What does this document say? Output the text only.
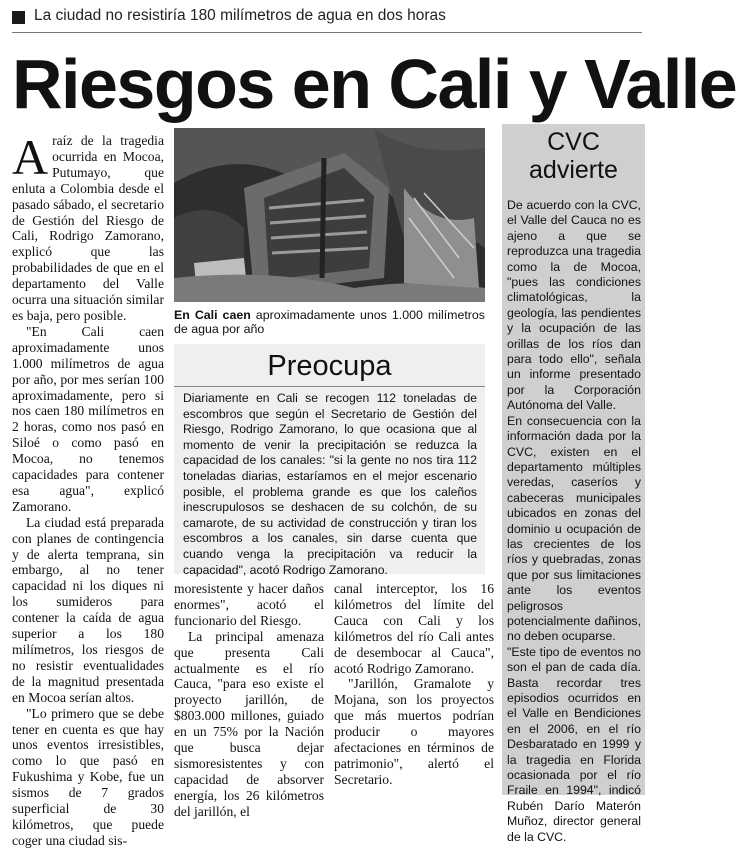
La ciudad no resistiría 180 milímetros de agua en dos horas
Riesgos en Cali y Valle

Araíz de la tragedia ocurrida en Mocoa, Putumayo, que enluta a Colombia desde el pasado sábado, el secretario de Gestión del Riesgo de Cali, Rodrigo Zamorano, explicó que las probabilidades de que en el departamento del Valle ocurra una situación similar es baja, pero posible.

"En Cali caen aproximadamente unos 1.000 milímetros de agua por año, por mes serían 100 aproximadamente, pero si nos caen 180 milímetros en 2 horas, como nos pasó en Siloé o como pasó en Mocoa, no tenemos capacidades para contener esa agua", explicó Zamorano.

La ciudad está preparada con planes de contingencia y de alerta temprana, sin embargo, al no tener capacidad ni los diques ni los sumideros para contener la caída de agua superior a los 180 milímetros, los riesgos de no resistir eventualidades de la magnitud presentada en Mocoa serían altos.

"Lo primero que se debe tener en cuenta es que hay unos eventos irresistibles, como lo que pasó en Fukushima y Kobe, fue un sismos de 7 grados superficial de 30 kilómetros, que puede coger una ciudad sis-

En Cali caen aproximadamente unos 1.000 milímetros de agua por año
Preocupa

Diariamente en Cali se recogen 112 toneladas de escombros que según el Secretario de Gestión del Riesgo, Rodrigo Zamorano, lo que ocasiona que al momento de venir la precipitación se reduzca la capacidad de los canales: "si la gente no nos tira 112 toneladas diarias, estaríamos en el mejor escenario posible, el problema grande es que los caleños inescrupulosos se deshacen de su colchón, de su camarote, de su actividad de construcción y tiran los escombros a los canales, sin darse cuenta que cuando venga la precipitación va reducir la capacidad", acotó Rodrigo Zamorano.

moresistente y hacer daños enormes", acotó el funcionario del Riesgo.

La principal amenaza que presenta Cali actualmente es el río Cauca, "para eso existe el proyecto jarillón, de $803.000 millones, guiado en un 75% por la Nación que busca dejar sismoresistentes y con capacidad de absorver energía, los 26 kilómetros del jarillón, el

canal interceptor, los 16 kilómetros del límite del Cauca con Cali y los kilómetros del río Cali antes de desembocar al Cauca", acotó Rodrigo Zamorano.

"Jarillón, Gramalote y Mojana, son los proyectos que más muertos podrían producir o mayores afectaciones en términos de patrimonio", alertó el Secretario.

CVC
advierte

De acuerdo con la CVC, el Valle del Cauca no es ajeno a que se reproduzca una tragedia como la de Mocoa, "pues las condiciones climatológicas, la geología, las pendientes y la ocupación de las orillas de los ríos dan para todo ello", señala un informe presentado por la Corporación Autónoma del Valle.

En consecuencia con la información dada por la CVC, existen en el departamento múltiples veredas, caseríos y cabeceras municipales ubicados en zonas del dominio u ocupación de las crecientes de los ríos y quebradas, zonas que por sus limitaciones ante los eventos peligrosos potencialmente dañinos, no deben ocuparse.

"Este tipo de eventos no son el pan de cada día. Basta recordar tres episodios ocurridos en el Valle en Bendiciones en el 2006, en el río Desbaratado en 1999 y la tragedia en Florida ocasionada por el río Fraile en 1994", indicó Rubén Darío Materón Muñoz, director general de la CVC.
